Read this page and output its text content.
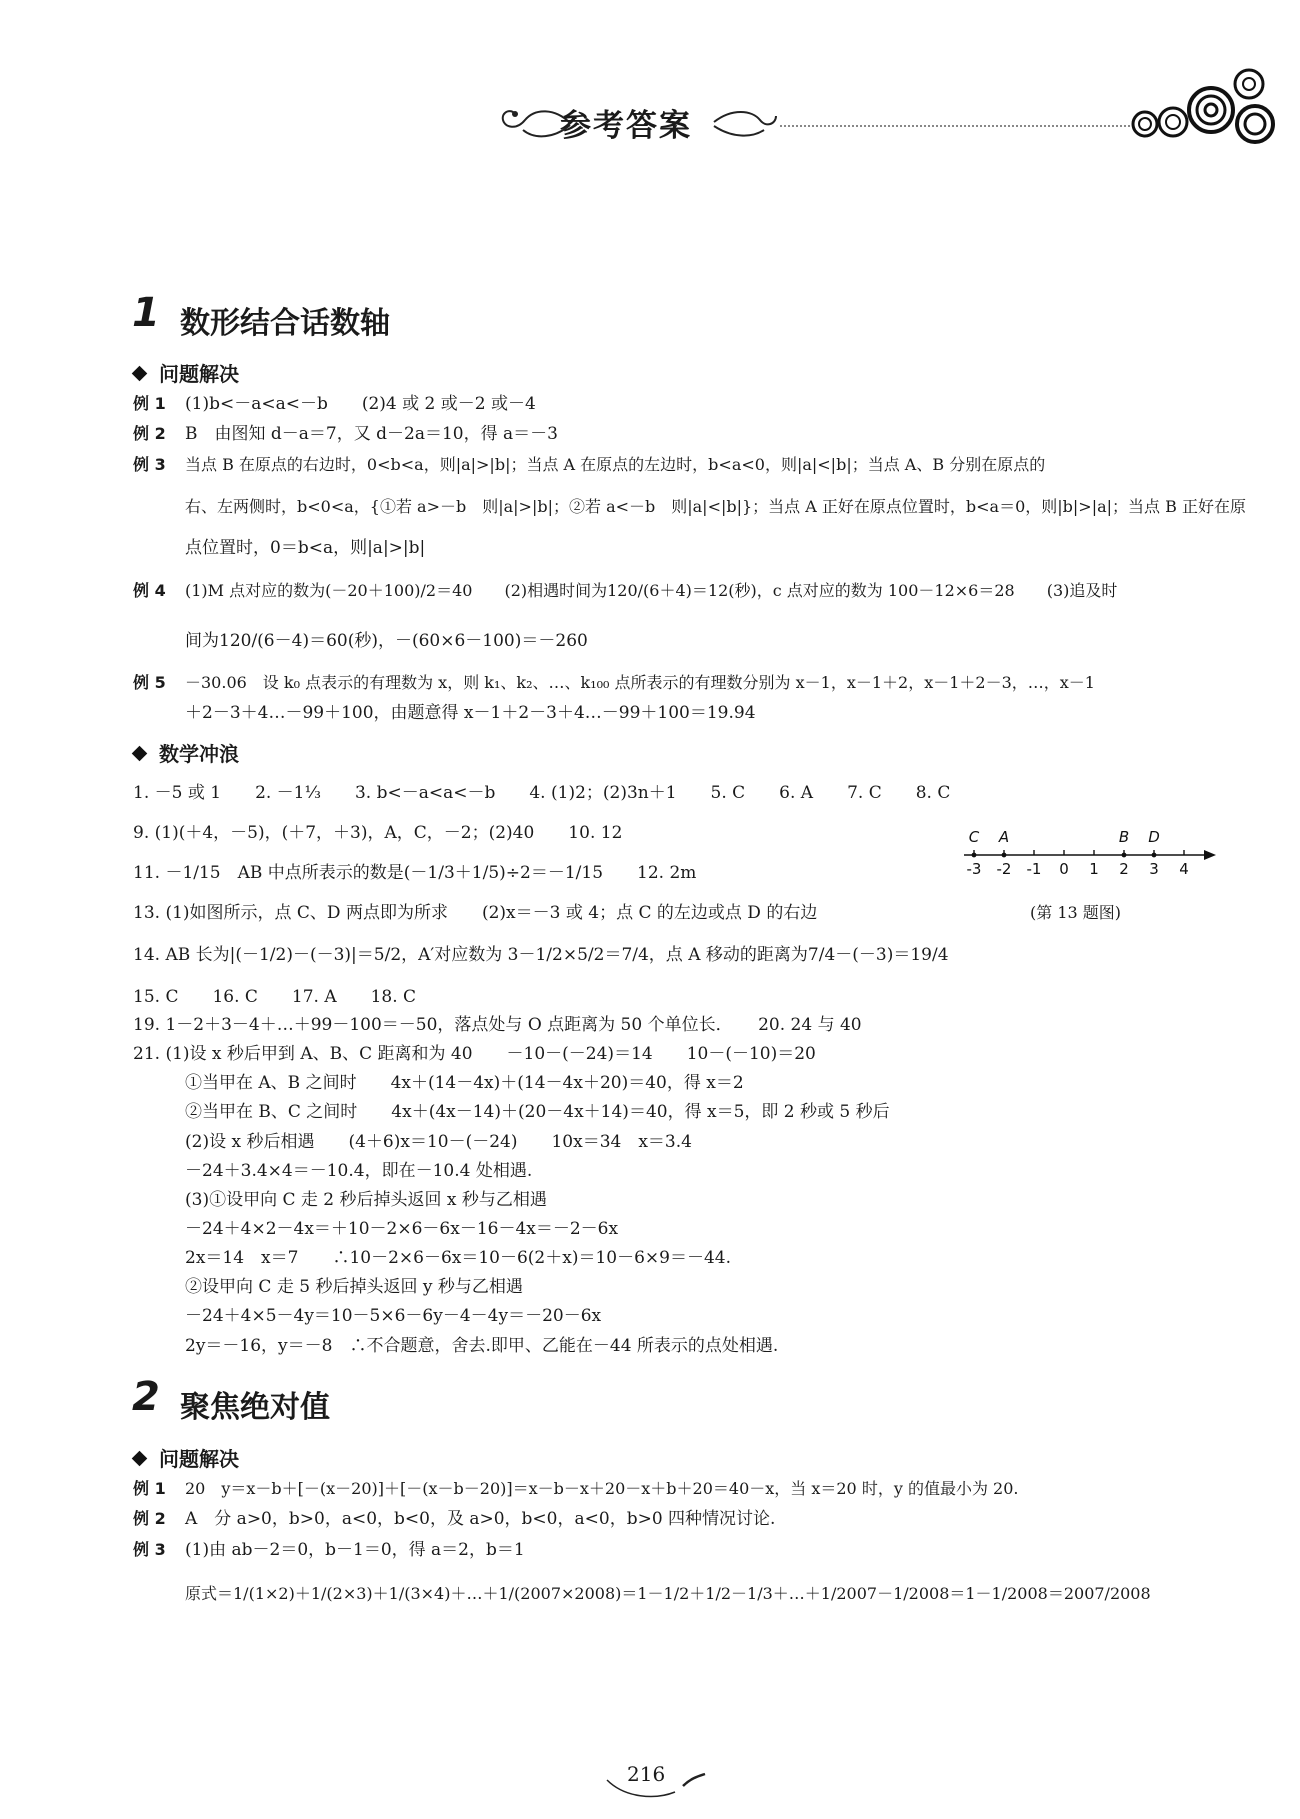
参考答案
1 数形结合话数轴
问题解决
例 1 (1)b<－a<a<－b　　(2)4 或 2 或－2 或－4
例 2 B　由图知 d－a＝7，又 d－2a＝10，得 a＝－3
例 3 当点 B 在原点的右边时，0<b<a，则|a|>|b|；当点 A 在原点的左边时，b<a<0，则|a|<|b|；当点 A、B 分别在原点的
右、左两侧时，b<0<a，{①若 a>－b　则|a|>|b|；②若 a<－b　则|a|<|b|}；当点 A 正好在原点位置时，b<a＝0，则|b|>|a|；当点 B 正好在原
点位置时，0＝b<a，则|a|>|b|
例 4 (1)M 点对应的数为(－20＋100)/2＝40　　(2)相遇时间为120/(6＋4)＝12(秒)，c 点对应的数为 100－12×6＝28　　(3)追及时
间为120/(6－4)＝60(秒)，－(60×6－100)＝－260
例 5 －30.06　设 k₀ 点表示的有理数为 x，则 k₁、k₂、…、k₁₀₀ 点所表示的有理数分别为 x－1，x－1＋2，x－1＋2－3，…，x－1
＋2－3＋4…－99＋100，由题意得 x－1＋2－3＋4…－99＋100＝19.94
数学冲浪
1. －5 或 1　　2. －1⅓　　3. b<－a<a<－b　　4. (1)2；(2)3n＋1　　5. C　　6. A　　7. C　　8. C
9. (1)(＋4，－5)，(＋7，＋3)，A，C，－2；(2)40　　10. 12
11. －1/15　AB 中点所表示的数是(－1/3＋1/5)÷2＝－1/15　　12. 2m
13. (1)如图所示，点 C、D 两点即为所求　　(2)x＝－3 或 4；点 C 的左边或点 D 的右边
14. AB 长为|(－1/2)－(－3)|＝5/2，A′对应数为 3－1/2×5/2＝7/4，点 A 移动的距离为7/4－(－3)＝19/4
15. C　　16. C　　17. A　　18. C
19. 1－2＋3－4＋…＋99－100＝－50，落点处与 O 点距离为 50 个单位长．　　20. 24 与 40
21. (1)设 x 秒后甲到 A、B、C 距离和为 40　　－10－(－24)＝14　　10－(－10)＝20
①当甲在 A、B 之间时　　4x＋(14－4x)＋(14－4x＋20)＝40，得 x＝2
②当甲在 B、C 之间时　　4x＋(4x－14)＋(20－4x＋14)＝40，得 x＝5，即 2 秒或 5 秒后
(2)设 x 秒后相遇　　(4＋6)x＝10－(－24)　　10x＝34　x＝3.4
－24＋3.4×4＝－10.4，即在－10.4 处相遇.
(3)①设甲向 C 走 2 秒后掉头返回 x 秒与乙相遇
－24＋4×2－4x＝＋10－2×6－6x－16－4x＝－2－6x
2x＝14　x＝7　　∴10－2×6－6x＝10－6(2＋x)＝10－6×9＝－44.
②设甲向 C 走 5 秒后掉头返回 y 秒与乙相遇
－24＋4×5－4y＝10－5×6－6y－4－4y＝－20－6x
2y＝－16，y＝－8　∴不合题意，舍去.即甲、乙能在－44 所表示的点处相遇.
-3 -2 -1 0 1 2 3 4
C A	B D
(第 13 题图)
2 聚焦绝对值
问题解决
例 1 20　y＝x－b＋[－(x－20)]＋[－(x－b－20)]＝x－b－x＋20－x＋b＋20＝40－x，当 x＝20 时，y 的值最小为 20.
例 2 A　分 a>0，b>0，a<0，b<0，及 a>0，b<0，a<0，b>0 四种情况讨论.
例 3 (1)由 ab－2＝0，b－1＝0，得 a＝2，b＝1
原式＝1/(1×2)＋1/(2×3)＋1/(3×4)＋…＋1/(2007×2008)＝1－1/2＋1/2－1/3＋…＋1/2007－1/2008＝1－1/2008＝2007/2008
216
